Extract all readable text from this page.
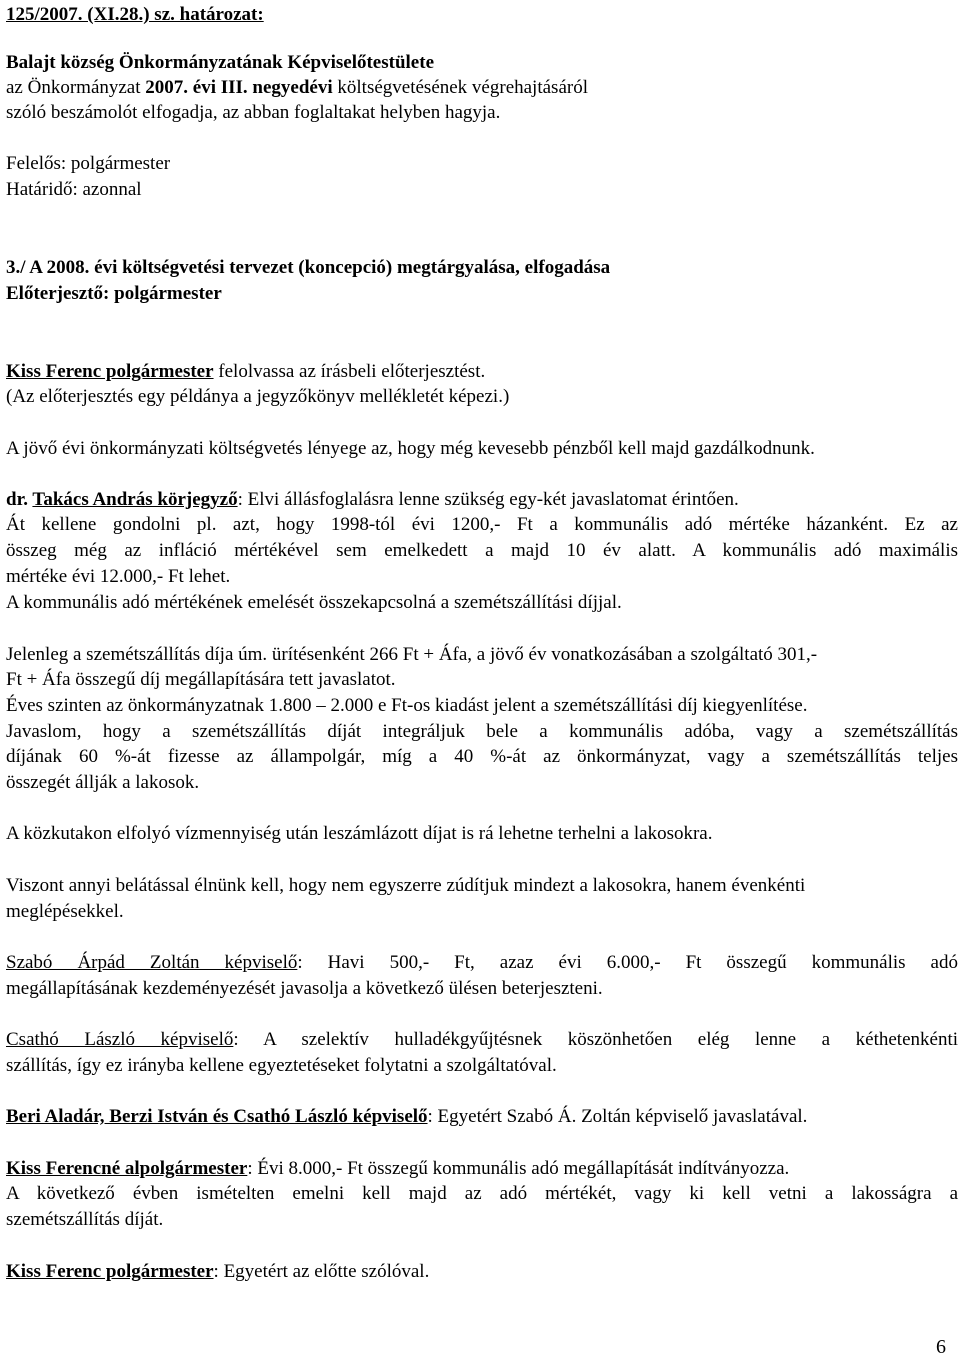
125/2007. (XI.28.) sz. határozat:
Balajt község Önkormányzatának Képviselőtestülete
az Önkormányzat 2007. évi III. negyedévi költségvetésének végrehajtásáról
szóló beszámolót elfogadja, az abban foglaltakat helyben hagyja.
Felelős: polgármester
Határidő: azonnal
3./ A 2008. évi költségvetési tervezet (koncepció) megtárgyalása, elfogadása
Előterjesztő: polgármester
Kiss Ferenc polgármester felolvassa az írásbeli előterjesztést.
(Az előterjesztés egy példánya a jegyzőkönyv mellékletét képezi.)
A jövő évi önkormányzati költségvetés lényege az, hogy még kevesebb pénzből kell majd gazdálkodnunk.
dr. Takács András körjegyző: Elvi állásfoglalásra lenne szükség egy-két javaslatomat érintően.
Át kellene gondolni pl. azt, hogy 1998-tól évi 1200,- Ft a kommunális adó mértéke házanként. Ez az
összeg még az infláció mértékével sem emelkedett a majd 10 év alatt. A kommunális adó maximális
mértéke évi 12.000,- Ft lehet.
A kommunális adó mértékének emelését összekapcsolná a szemétszállítási díjjal.
Jelenleg a szemétszállítás díja úm. ürítésenként 266 Ft + Áfa, a jövő év vonatkozásában a szolgáltató 301,-
Ft + Áfa összegű díj megállapítására tett javaslatot.
Éves szinten az önkormányzatnak 1.800 – 2.000 e Ft-os kiadást jelent a szemétszállítási díj kiegyenlítése.
Javaslom, hogy a szemétszállítás díját integráljuk bele a kommunális adóba, vagy a szemétszállítás
díjának 60 %-át fizesse az állampolgár, míg a 40 %-át az önkormányzat, vagy a szemétszállítás teljes
összegét állják a lakosok.
A közkutakon elfolyó vízmennyiség után leszámlázott díjat is rá lehetne terhelni a lakosokra.
Viszont annyi belátással élnünk kell, hogy nem egyszerre zúdítjuk mindezt a lakosokra, hanem évenkénti
meglépésekkel.
Szabó Árpád Zoltán képviselő: Havi 500,- Ft, azaz évi 6.000,- Ft összegű kommunális adó
megállapításának kezdeményezését javasolja a következő ülésen beterjeszteni.
Csathó László képviselő: A szelektív hulladékgyűjtésnek köszönhetően elég lenne a kéthetenkénti
szállítás, így ez irányba kellene egyeztetéseket folytatni a szolgáltatóval.
Beri Aladár, Berzi István és Csathó László képviselő: Egyetért Szabó Á. Zoltán képviselő javaslatával.
Kiss Ferencné alpolgármester: Évi 8.000,- Ft összegű kommunális adó megállapítását indítványozza.
A következő évben ismételten emelni kell majd az adó mértékét, vagy ki kell vetni a lakosságra a
szemétszállítás díját.
Kiss Ferenc polgármester: Egyetért az előtte szólóval.
6
